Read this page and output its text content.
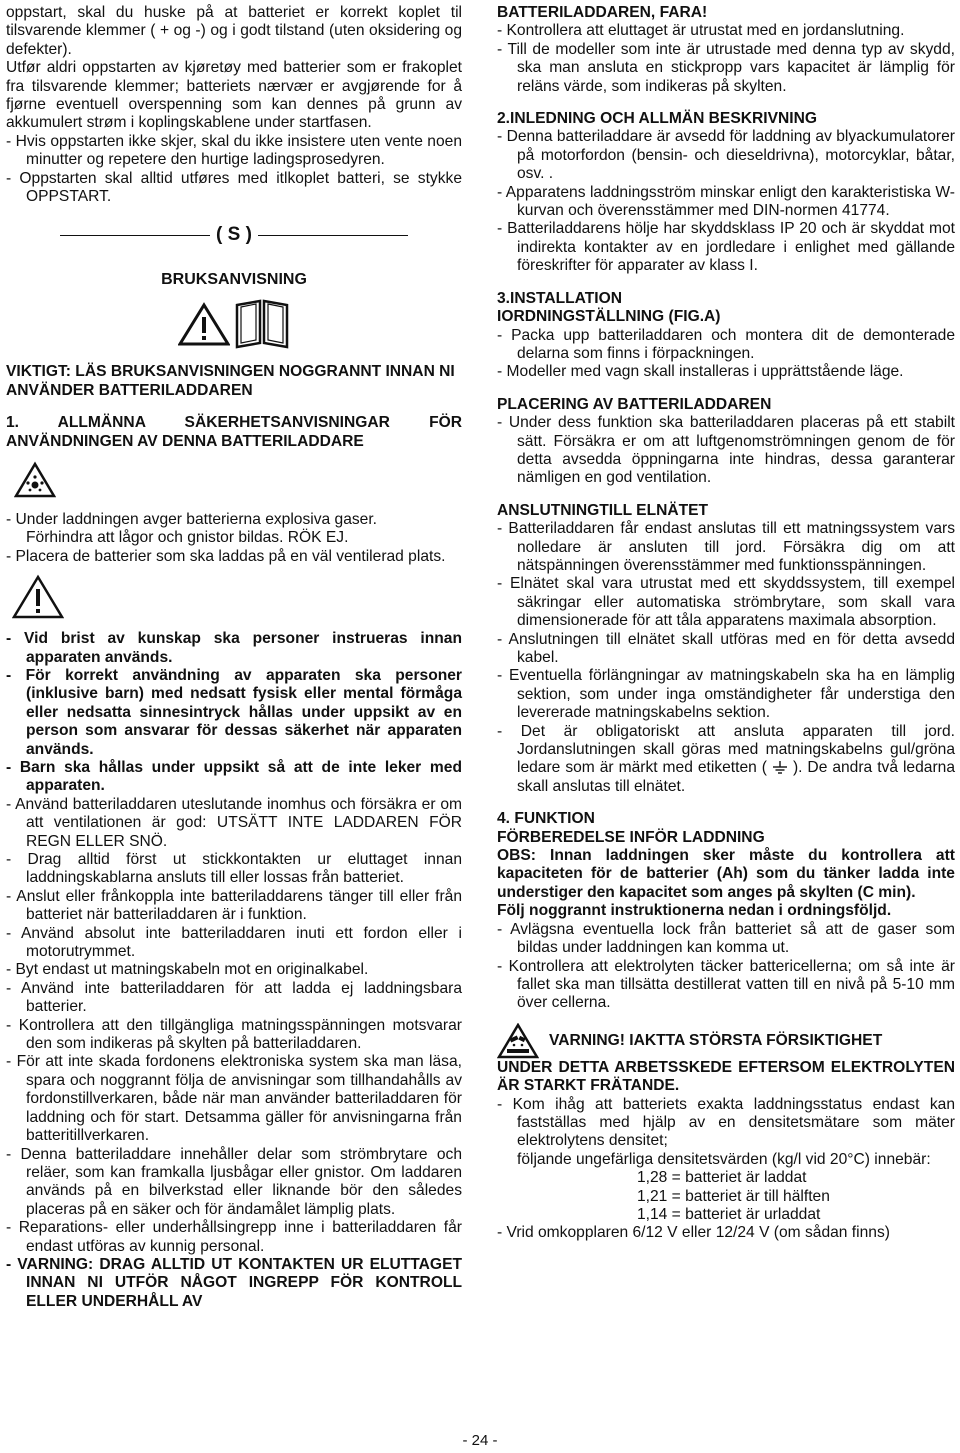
oppstart, skal du huske på at batteriet er korrekt koplet til tilsvarende klemmer ( + og -) og i godt tilstand (uten oksidering og defekter).

Utfør aldri oppstarten av kjøretøy med batterier som er frakoplet fra tilsvarende klemmer; batteriets nærvær er avgjørende for å fjørne eventuell overspenning som kan dennes på grunn av akkumulert strøm i koplingskablene under startfasen.

- Hvis oppstarten ikke skjer, skal du ikke insistere uten vente noen minutter og repetere den hurtige ladingsprosedyren.

- Oppstarten skal alltid utføres med itlkoplet batteri, se stykke OPPSTART.

( S )
BRUKSANVISNING

VIKTIGT: LÄS BRUKSANVISNINGEN NOGGRANNT INNAN NI ANVÄNDER BATTERILADDAREN

1. ALLMÄNNA SÄKERHETSANVISNINGAR FÖR ANVÄNDNINGEN AV DENNA BATTERILADDARE

- Under laddningen avger batterierna explosiva gaser.

Förhindra att lågor och gnistor bildas. RÖK EJ.

- Placera de batterier som ska laddas på en väl ventilerad plats.

- Vid brist av kunskap ska personer instrueras innan apparaten används.

- För korrekt användning av apparaten ska personer (inklusive barn) med nedsatt fysisk eller mental förmåga eller nedsatta sinnesintryck hållas under uppsikt av en person som ansvarar för dessas säkerhet när apparaten används.

- Barn ska hållas under uppsikt så att de inte leker med apparaten.

- Använd batteriladdaren uteslutande inomhus och försäkra er om att ventilationen är god: UTSÄTT INTE LADDAREN FÖR REGN ELLER SNÖ.

- Drag alltid först ut stickkontakten ur eluttaget innan laddningskablarna ansluts till eller lossas från batteriet.

- Anslut eller frånkoppla inte batteriladdarens tänger till eller från batteriet när batteriladdaren är i funktion.

- Använd absolut inte batteriladdaren inuti ett fordon eller i motorutrymmet.

- Byt endast ut matningskabeln mot en originalkabel.

- Använd inte batteriladdaren för att ladda ej laddningsbara batterier.

- Kontrollera att den tillgängliga matningsspänningen motsvarar den som indikeras på skylten på batteriladdaren.

- För att inte skada fordonens elektroniska system ska man läsa, spara och noggrannt följa de anvisningar som tillhandahålls av fordonstillverkaren, både när man använder batteriladdaren för laddning och för start. Detsamma gäller för anvisningarna från batteritillverkaren.

- Denna batteriladdare innehåller delar som strömbrytare och reläer, som kan framkalla ljusbågar eller gnistor. Om laddaren används på en bilverkstad eller liknande bör den således placeras på en säker och för ändamålet lämplig plats.

- Reparations- eller underhållsingrepp inne i batteriladdaren får endast utföras av kunnig personal.

- VARNING: DRAG ALLTID UT KONTAKTEN UR ELUTTAGET INNAN NI UTFÖR NÅGOT INGREPP FÖR KONTROLL ELLER UNDERHÅLL AV

BATTERILADDAREN, FARA!

- Kontrollera att eluttaget är utrustat med en jordanslutning.

- Till de modeller som inte är utrustade med denna typ av skydd, ska man ansluta en stickpropp vars kapacitet är lämplig för reläns värde, som indikeras på skylten.

2.INLEDNING OCH ALLMÄN BESKRIVNING

- Denna batteriladdare är avsedd för laddning av blyackumulatorer på motorfordon (bensin- och dieseldrivna), motorcyklar, båtar, osv. .

- Apparatens laddningsström minskar enligt den karakteristiska W-kurvan och överensstämmer med DIN-normen 41774.

- Batteriladdarens hölje har skyddsklass IP 20 och är skyddat mot indirekta kontakter av en jordledare i enlighet med gällande föreskrifter för apparater av klass I.

3.INSTALLATION

IORDNINGSTÄLLNING (FIG.A)

- Packa upp batteriladdaren och montera dit de demonterade delarna som finns i förpackningen.

- Modeller med vagn skall installeras i upprättstående läge.

PLACERING AV BATTERILADDAREN

- Under dess funktion ska batteriladdaren placeras på ett stabilt sätt. Försäkra er om att luftgenomströmningen genom de för detta avsedda öppningarna inte hindras, dessa garanterar nämligen en god ventilation.

ANSLUTNINGTILL ELNÄTET

- Batteriladdaren får endast anslutas till ett matningssystem vars nolledare är ansluten till jord. Försäkra dig om att nätspänningen överensstämmer med funktionsspänningen.

- Elnätet skal vara utrustat med ett skyddssystem, till exempel säkringar eller automatiska strömbrytare, som skall vara dimensionerade för att tåla apparatens maximala absorption.

- Anslutningen till elnätet skall utföras med en för detta avsedd kabel.

- Eventuella förlängningar av matningskabeln ska ha en lämplig sektion, som under inga omständigheter får understiga den levererade matningskabelns sektion.

- Det är obligatoriskt att ansluta apparaten till jord. Jordanslutningen skall göras med matningskabelns gul/gröna ledare som är märkt med etiketten ( ). De andra två ledarna skall anslutas till elnätet.

4. FUNKTION

FÖRBEREDELSE INFÖR LADDNING

OBS: Innan laddningen sker måste du kontrollera att kapaciteten för de batterier (Ah) som du tänker ladda inte understiger den kapacitet som anges på skylten (C min).

Följ noggrannt instruktionerna nedan i ordningsföljd.

- Avlägsna eventuella lock från batteriet så att de gaser som bildas under laddningen kan komma ut.

- Kontrollera att elektrolyten täcker battericellerna; om så inte är fallet ska man tillsätta destillerat vatten till en nivå på 5-10 mm över cellerna.

VARNING! IAKTTA STÖRSTA FÖRSIKTIGHET

UNDER DETTA ARBETSSKEDE EFTERSOM ELEKTROLYTEN ÄR STARKT FRÄTANDE.

- Kom ihåg att batteriets exakta laddningsstatus endast kan fastställas med hjälp av en densitetsmätare som mäter elektrolytens densitet;

följande ungefärliga densitetsvärden (kg/l vid 20°C) innebär:

1,28 = batteriet är laddat

1,21 = batteriet är till hälften

1,14 = batteriet är urladdat

- Vrid omkopplaren 6/12 V eller 12/24 V (om sådan finns)

- 24 -
